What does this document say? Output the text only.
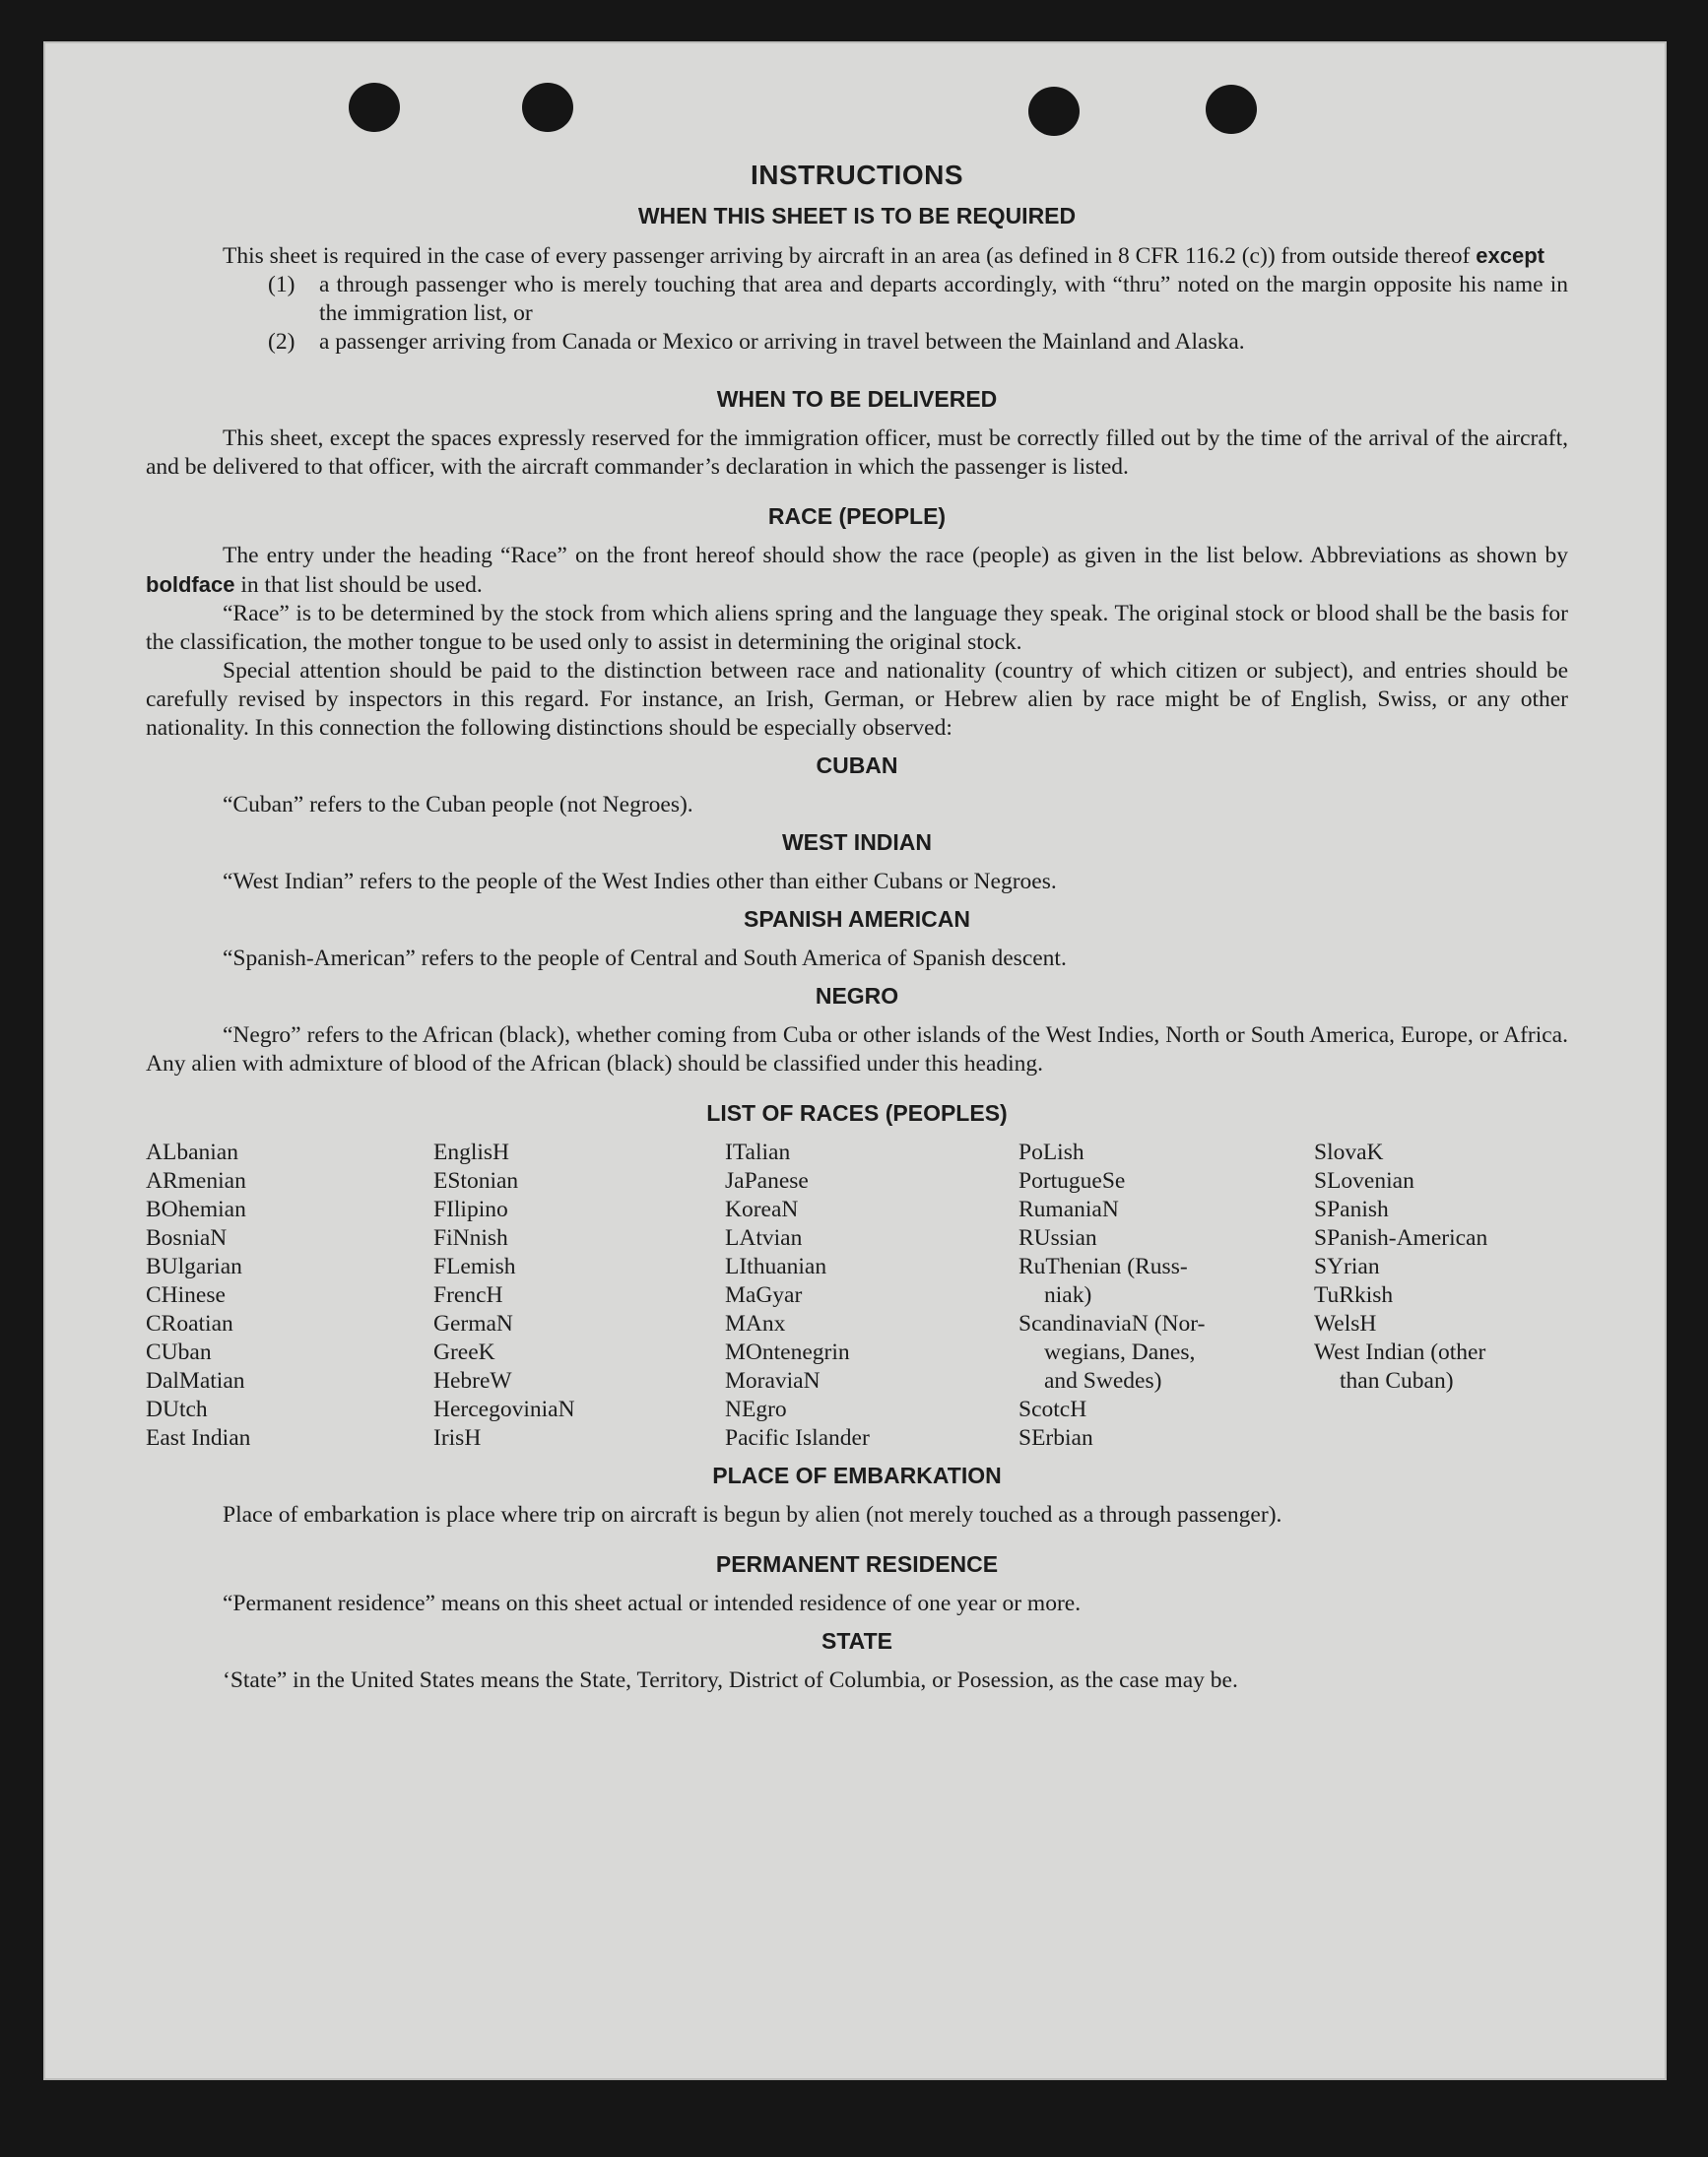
INSTRUCTIONS
WHEN THIS SHEET IS TO BE REQUIRED

This sheet is required in the case of every passenger arriving by aircraft in an area (as defined in 8 CFR 116.2 (c)) from outside thereof except

(1)	a through passenger who is merely touching that area and departs accordingly, with “thru” noted on the margin opposite his name in the immigration list, or
(2)	a passenger arriving from Canada or Mexico or arriving in travel between the Mainland and Alaska.
WHEN TO BE DELIVERED

This sheet, except the spaces expressly reserved for the immigration officer, must be correctly filled out by the time of the arrival of the aircraft, and be delivered to that officer, with the aircraft commander’s declaration in which the passenger is listed.

RACE (PEOPLE)

The entry under the heading “Race” on the front hereof should show the race (people) as given in the list below. Abbreviations as shown by boldface in that list should be used.

“Race” is to be determined by the stock from which aliens spring and the language they speak. The original stock or blood shall be the basis for the classification, the mother tongue to be used only to assist in determining the original stock.

Special attention should be paid to the distinction between race and nationality (country of which citizen or subject), and entries should be carefully revised by inspectors in this regard. For instance, an Irish, German, or Hebrew alien by race might be of English, Swiss, or any other nationality. In this connection the following distinctions should be especially observed:

CUBAN

“Cuban” refers to the Cuban people (not Negroes).

WEST INDIAN

“West Indian” refers to the people of the West Indies other than either Cubans or Negroes.

SPANISH AMERICAN

“Spanish-American” refers to the people of Central and South America of Spanish descent.

NEGRO

“Negro” refers to the African (black), whether coming from Cuba or other islands of the West Indies, North or South America, Europe, or Africa. Any alien with admixture of blood of the African (black) should be classified under this heading.

LIST OF RACES (PEOPLES)
ALbanian
ARmenian
BOhemian
BosniaN
BUlgarian
CHinese
CRoatian
CUban
DalMatian
DUtch
East Indian
EnglisH
EStonian
FIlipino
FiNnish
FLemish
FrencH
GermaN
GreeK
HebreW
HercegoviniaN
IrisH
ITalian
JaPanese
KoreaN
LAtvian
LIthuanian
MaGyar
MAnx
MOntenegrin
MoraviaN
NEgro
Pacific Islander
PoLish
PortugueSe
RumaniaN
RUssian
RuThenian (Russ-
niak)
ScandinaviaN (Nor-
wegians, Danes,
and Swedes)
ScotcH
SErbian
SlovaK
SLovenian
SPanish
SPanish-American
SYrian
TuRkish
WelsH
West Indian (other
than Cuban)
PLACE OF EMBARKATION

Place of embarkation is place where trip on aircraft is begun by alien (not merely touched as a through passenger).

PERMANENT RESIDENCE

“Permanent residence” means on this sheet actual or intended residence of one year or more.

STATE

‘State” in the United States means the State, Territory, District of Columbia, or Posession, as the case may be.
